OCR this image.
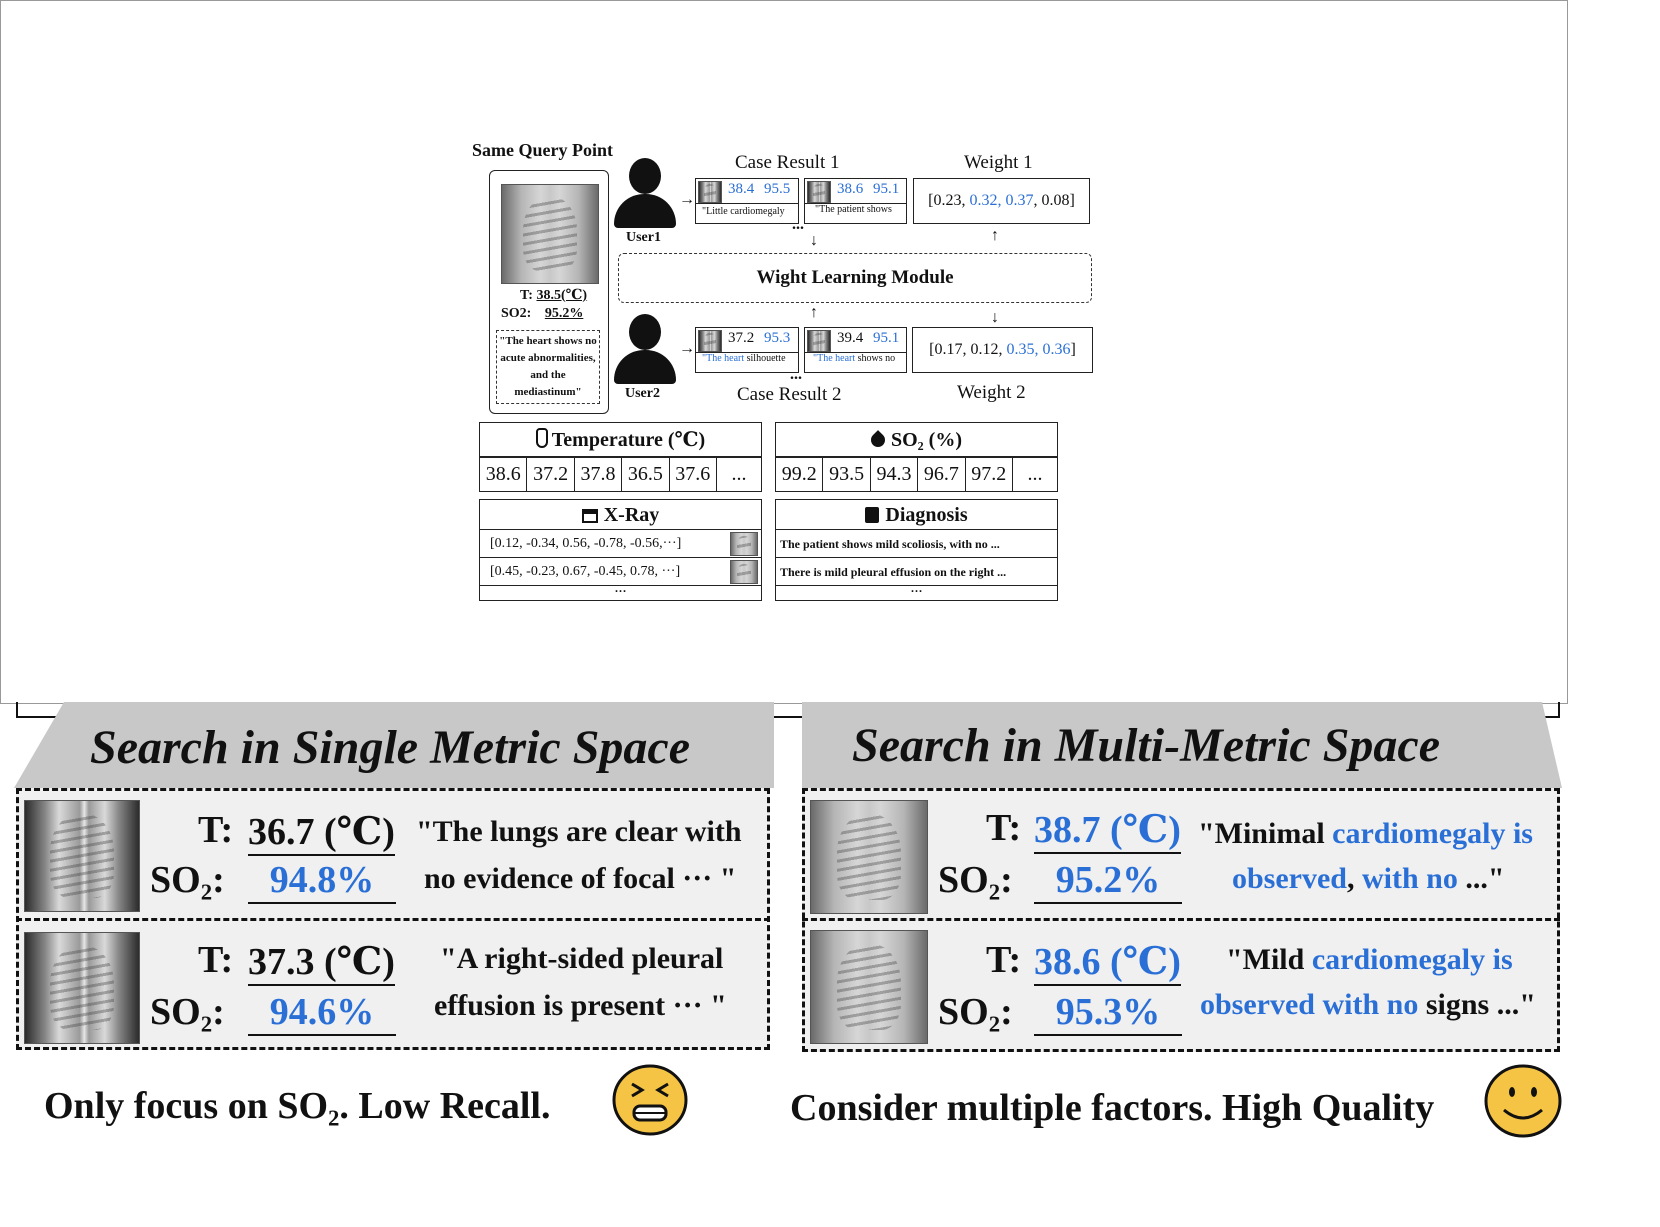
Same Query Point
T: 38.5(℃)
SO2: 95.2%
"The heart shows no acute abnormalities, and the mediastinum"
User1
User2
→
→
Case Result 1
Case Result 2
38.4 95.5
"Little cardiomegaly
38.6 95.1
"The patient shows
...
↓
Weight 1
[0.23, 0.32, 0.37, 0.08]
↑
Wight Learning Module
↑	↓
37.2 95.3
"The heart silhouette
39.4 95.1
"The heart shows no
...
[0.17, 0.12, 0.35, 0.36]
Weight 2
Temperature (℃)
38.6	37.2	37.8	36.5	37.6	...
SO₂ (%)
99.2	93.5	94.3	96.7	97.2	...
X-Ray
[0.12, -0.34, 0.56, -0.78, -0.56,···]
[0.45, -0.23, 0.67, -0.45, 0.78, ···]
···
Diagnosis
The patient shows mild scoliosis, with no ...
There is mild pleural effusion on the right ...
···
Search in Single Metric Space	Search in Multi-Metric Space
T: 36.7 (℃)
SO₂:	94.8%
"The lungs are clear with
no evidence of focal ··· "
T: 37.3 (℃)
SO₂:	94.6%
"A right-sided pleural
effusion is present ··· "
T: 38.7 (℃)
SO₂:	95.2%
"Minimal cardiomegaly is
observed, with no ..."
T: 38.6 (℃)
SO₂:	95.3%
"Mild cardiomegaly is
observed with no signs ..."
Only focus on SO₂. Low Recall.	Consider multiple factors. High Quality
